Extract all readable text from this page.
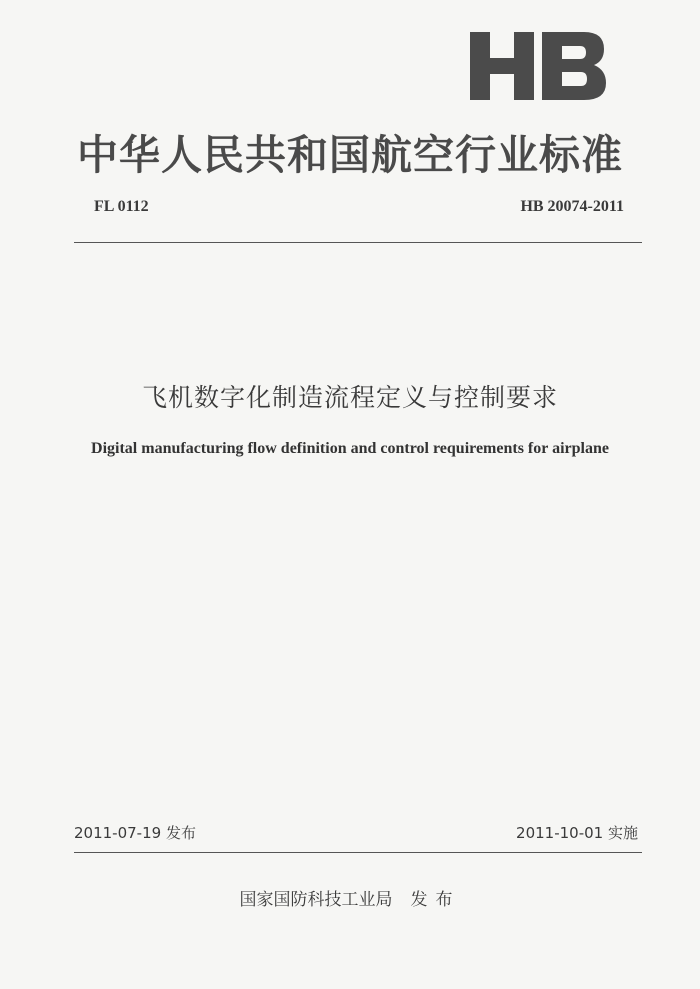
中华人民共和国航空行业标准
FL 0112	HB 20074-2011
飞机数字化制造流程定义与控制要求
Digital manufacturing flow definition and control requirements for airplane
2011-07-19 发布	2011-10-01 实施
国家国防科技工业局 发布
